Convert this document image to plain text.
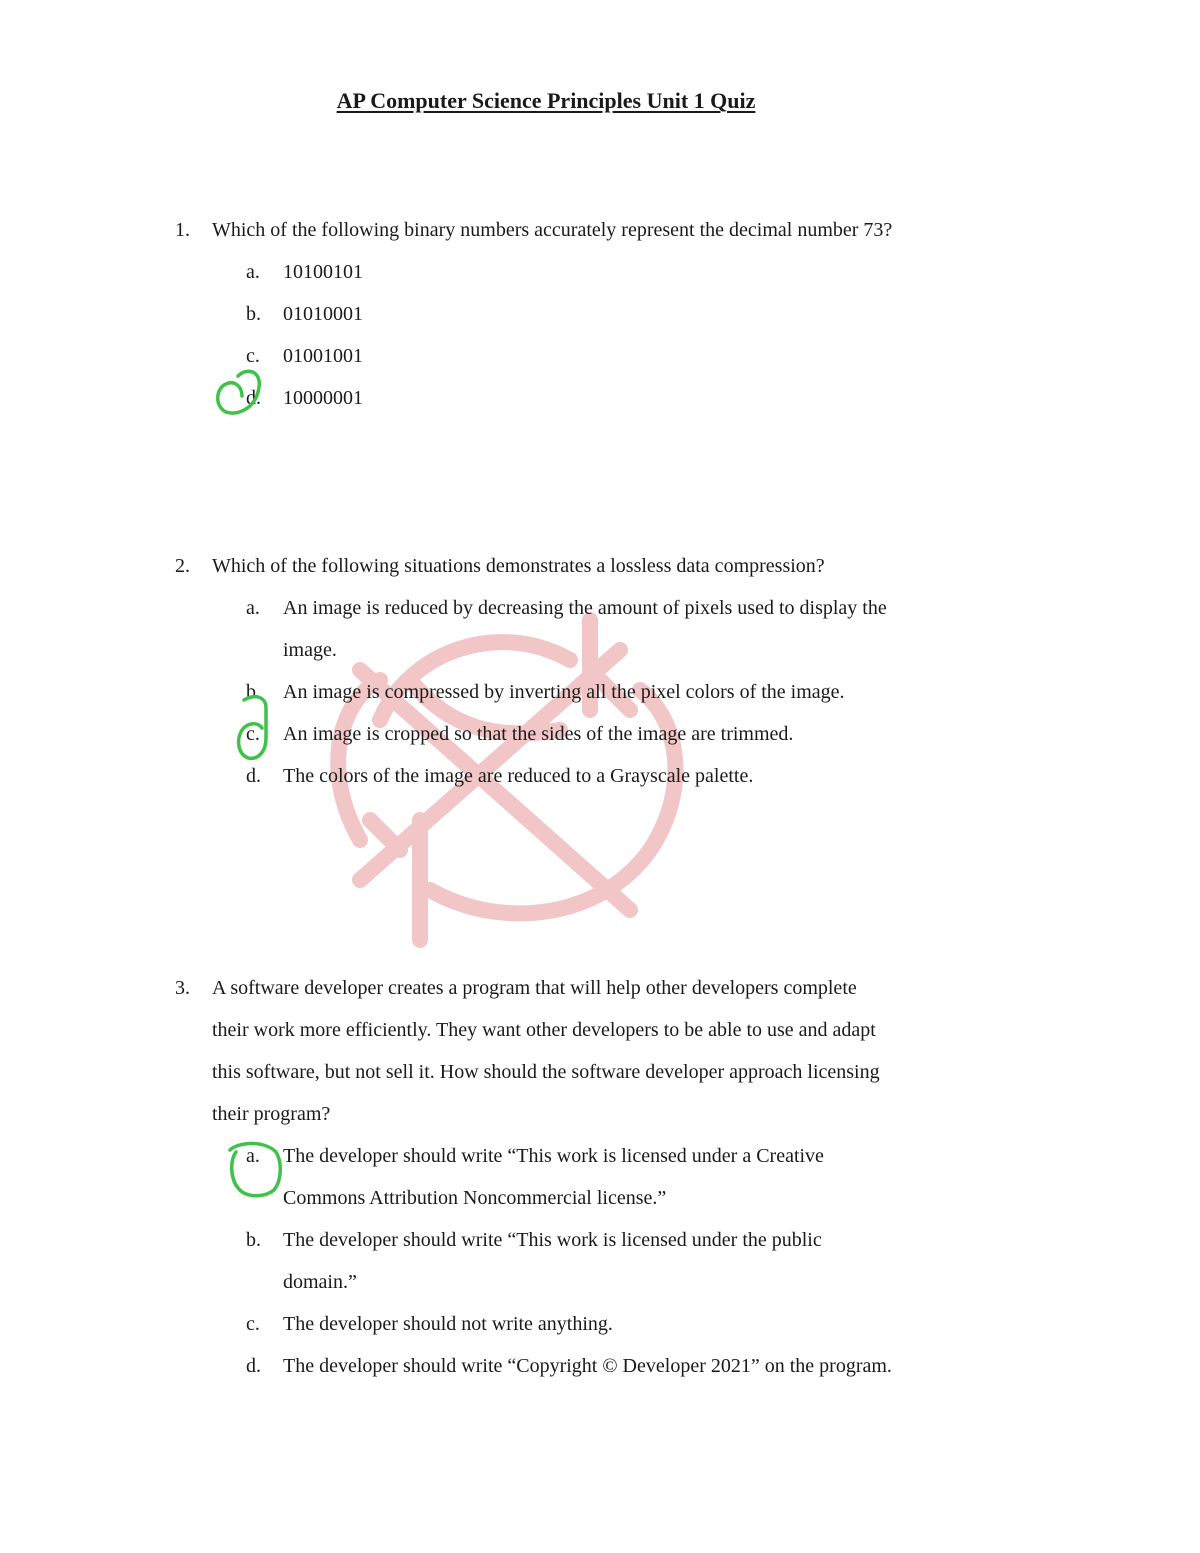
AP Computer Science Principles Unit 1 Quiz
1.	Which of the following binary numbers accurately represent the decimal number 73?
a.	10100101
b.	01010001
c.	01001001
d.	10000001
2.	Which of the following situations demonstrates a lossless data compression?
a.	An image is reduced by decreasing the amount of pixels used to display the image.
b.	An image is compressed by inverting all the pixel colors of the image.
c.	An image is cropped so that the sides of the image are trimmed.
d.	The colors of the image are reduced to a Grayscale palette.
3.	A software developer creates a program that will help other developers complete their work more efficiently. They want other developers to be able to use and adapt this software, but not sell it. How should the software developer approach licensing their program?
a.	The developer should write “This work is licensed under a Creative Commons Attribution Noncommercial license.”
b.	The developer should write “This work is licensed under the public domain.”
c.	The developer should not write anything.
d.	The developer should write “Copyright © Developer 2021” on the program.
